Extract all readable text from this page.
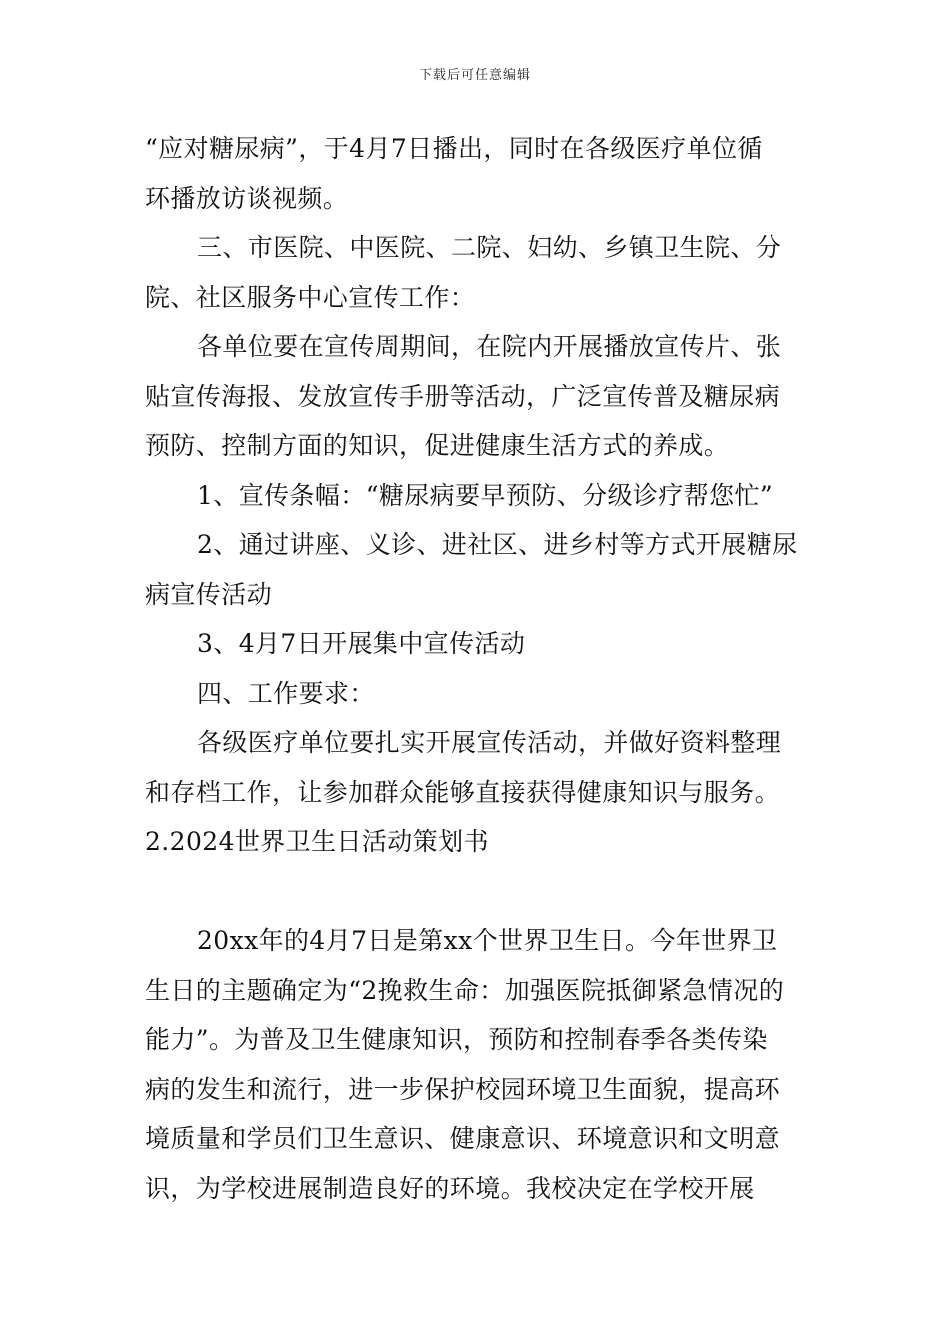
下载后可任意编辑
“应对糖尿病”，于4月7日播出，同时在各级医疗单位循
环播放访谈视频。
三、市医院、中医院、二院、妇幼、乡镇卫生院、分
院、社区服务中心宣传工作：
各单位要在宣传周期间，在院内开展播放宣传片、张
贴宣传海报、发放宣传手册等活动，广泛宣传普及糖尿病
预防、控制方面的知识，促进健康生活方式的养成。
1、宣传条幅：“糖尿病要早预防、分级诊疗帮您忙”
2、通过讲座、义诊、进社区、进乡村等方式开展糖尿
病宣传活动
3、4月7日开展集中宣传活动
四、工作要求：
各级医疗单位要扎实开展宣传活动，并做好资料整理
和存档工作，让参加群众能够直接获得健康知识与服务。
2.2024世界卫生日活动策划书
20xx年的4月7日是第xx个世界卫生日。今年世界卫
生日的主题确定为“2挽救生命：加强医院抵御紧急情况的
能力”。为普及卫生健康知识，预防和控制春季各类传染
病的发生和流行，进一步保护校园环境卫生面貌，提高环
境质量和学员们卫生意识、健康意识、环境意识和文明意
识，为学校进展制造良好的环境。我校决定在学校开展
